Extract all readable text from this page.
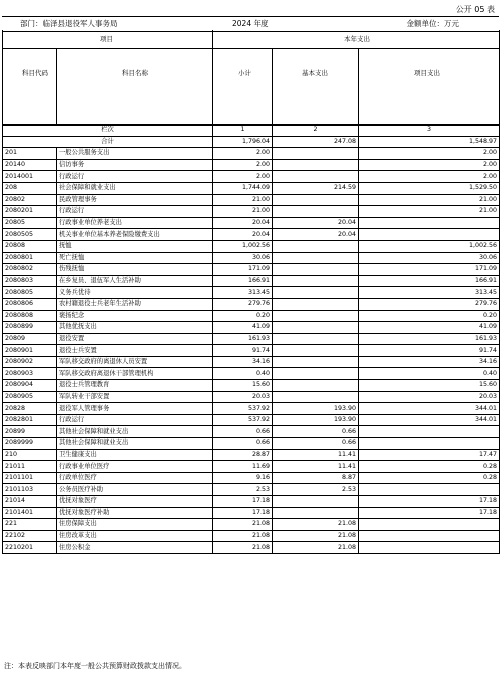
公开 05 表
部门：临泽县退役军人事务局	2024 年度	金额单位：万元
项目	本年支出
科目代码	科目名称	小计	基本支出	项目支出
栏次		1	2	3
合计		1,796.04	247.08	1,548.97
201	一般公共服务支出	2.00		2.00
20140	信访事务	2.00		2.00
2014001	行政运行	2.00		2.00
208	社会保障和就业支出	1,744.09	214.59	1,529.50
20802	民政管理事务	21.00		21.00
2080201	行政运行	21.00		21.00
20805	行政事业单位养老支出	20.04	20.04	
2080505	机关事业单位基本养老保险缴费支出	20.04	20.04	
20808	抚恤	1,002.56		1,002.56
2080801	死亡抚恤	30.06		30.06
2080802	伤残抚恤	171.09		171.09
2080803	在乡复员、退伍军人生活补助	166.91		166.91
2080805	义务兵优待	313.45		313.45
2080806	农村籍退役士兵老年生活补助	279.76		279.76
2080808	褒扬纪念	0.20		0.20
2080899	其他优抚支出	41.09		41.09
20809	退役安置	161.93		161.93
2080901	退役士兵安置	91.74		91.74
2080902	军队移交政府的离退休人员安置	34.16		34.16
2080903	军队移交政府离退休干部管理机构	0.40		0.40
2080904	退役士兵管理教育	15.60		15.60
2080905	军队转业干部安置	20.03		20.03
20828	退役军人管理事务	537.92	193.90	344.01
2082801	行政运行	537.92	193.90	344.01
20899	其他社会保障和就业支出	0.66	0.66	
2089999	其他社会保障和就业支出	0.66	0.66	
210	卫生健康支出	28.87	11.41	17.47
21011	行政事业单位医疗	11.69	11.41	0.28
2101101	行政单位医疗	9.16	8.87	0.28
2101103	公务员医疗补助	2.53	2.53	
21014	优抚对象医疗	17.18		17.18
2101401	优抚对象医疗补助	17.18		17.18
221	住房保障支出	21.08	21.08	
22102	住房改革支出	21.08	21.08	
2210201	住房公积金	21.08	21.08	
注：本表反映部门本年度一般公共预算财政拨款支出情况。
